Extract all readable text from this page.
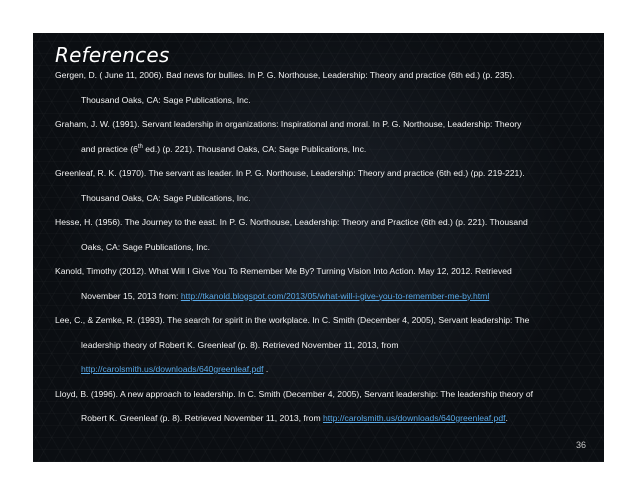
References
Gergen, D. ( June 11, 2006). Bad news for bullies. In P. G. Northouse, Leadership: Theory and practice (6th ed.) (p. 235).
Thousand Oaks, CA: Sage Publications, Inc.
Graham, J. W. (1991). Servant leadership in organizations: Inspirational and moral. In P. G. Northouse, Leadership: Theory
and practice (6th ed.) (p. 221). Thousand Oaks, CA: Sage Publications, Inc.
Greenleaf, R. K. (1970). The servant as leader. In P. G. Northouse, Leadership: Theory and practice (6th ed.) (pp. 219-221).
Thousand Oaks, CA: Sage Publications, Inc.
Hesse, H. (1956). The Journey to the east. In P. G. Northouse, Leadership: Theory and Practice (6th ed.) (p. 221). Thousand
Oaks, CA: Sage Publications, Inc.
Kanold, Timothy (2012). What Will I Give You To Remember Me By? Turning Vision Into Action. May 12, 2012. Retrieved
November 15, 2013 from: http://tkanold.blogspot.com/2013/05/what-will-i-give-you-to-remember-me-by.html
Lee, C., & Zemke, R. (1993). The search for spirit in the workplace. In C. Smith (December 4, 2005), Servant leadership: The
leadership theory of Robert K. Greenleaf (p. 8). Retrieved November 11, 2013, from
http://carolsmith.us/downloads/640greenleaf.pdf .
Lloyd, B. (1996). A new approach to leadership. In C. Smith (December 4, 2005), Servant leadership: The leadership theory of
Robert K. Greenleaf (p. 8). Retrieved November 11, 2013, from http://carolsmith.us/downloads/640greenleaf.pdf.
36
